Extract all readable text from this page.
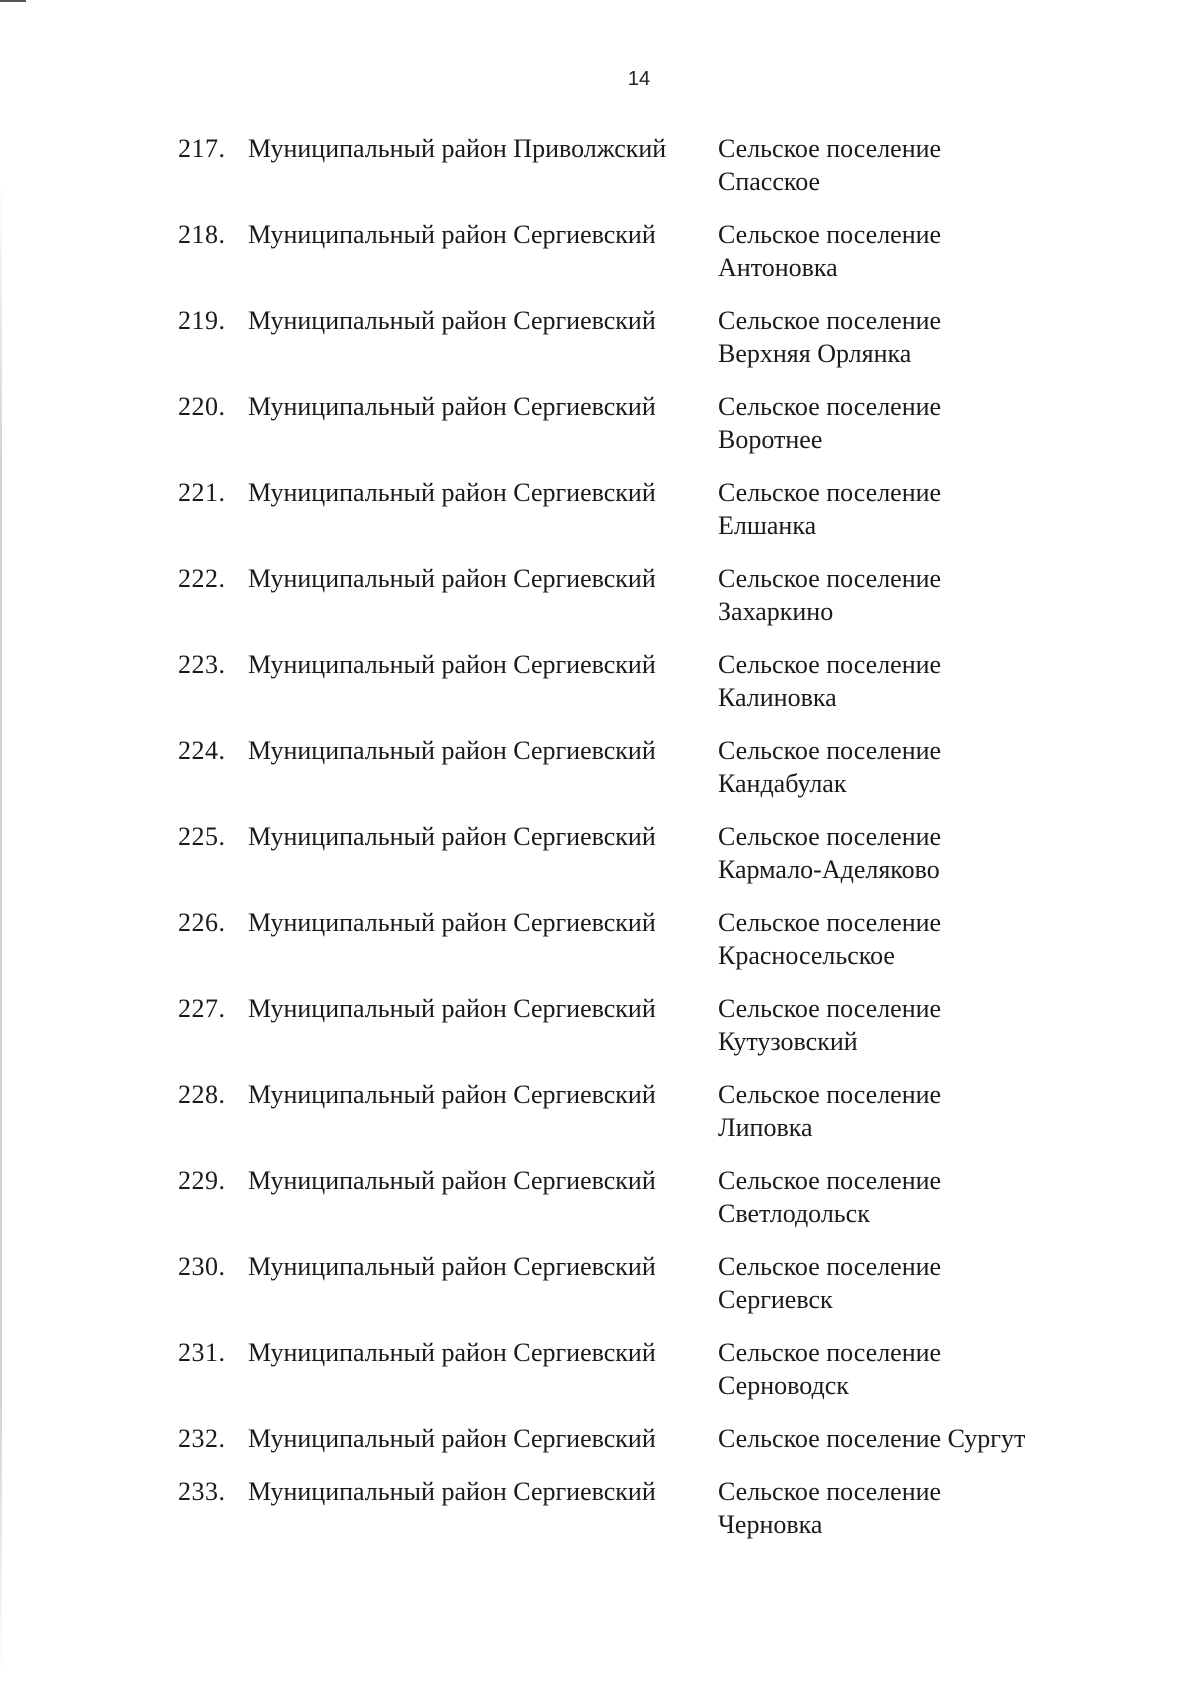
14
217. Муниципальный район Приволжский	Сельское поселение
Спасское
218. Муниципальный район Сергиевский	Сельское поселение
Антоновка
219. Муниципальный район Сергиевский	Сельское поселение
Верхняя Орлянка
220. Муниципальный район Сергиевский	Сельское поселение
Воротнее
221. Муниципальный район Сергиевский	Сельское поселение
Елшанка
222. Муниципальный район Сергиевский	Сельское поселение
Захаркино
223. Муниципальный район Сергиевский	Сельское поселение
Калиновка
224. Муниципальный район Сергиевский	Сельское поселение
Кандабулак
225. Муниципальный район Сергиевский	Сельское поселение
Кармало-Аделяково
226. Муниципальный район Сергиевский	Сельское поселение
Красносельское
227. Муниципальный район Сергиевский	Сельское поселение
Кутузовский
228. Муниципальный район Сергиевский	Сельское поселение
Липовка
229. Муниципальный район Сергиевский	Сельское поселение
Светлодольск
230. Муниципальный район Сергиевский	Сельское поселение
Сергиевск
231. Муниципальный район Сергиевский	Сельское поселение
Серноводск
232. Муниципальный район Сергиевский	Сельское поселение Сургут
233. Муниципальный район Сергиевский	Сельское поселение
Черновка
